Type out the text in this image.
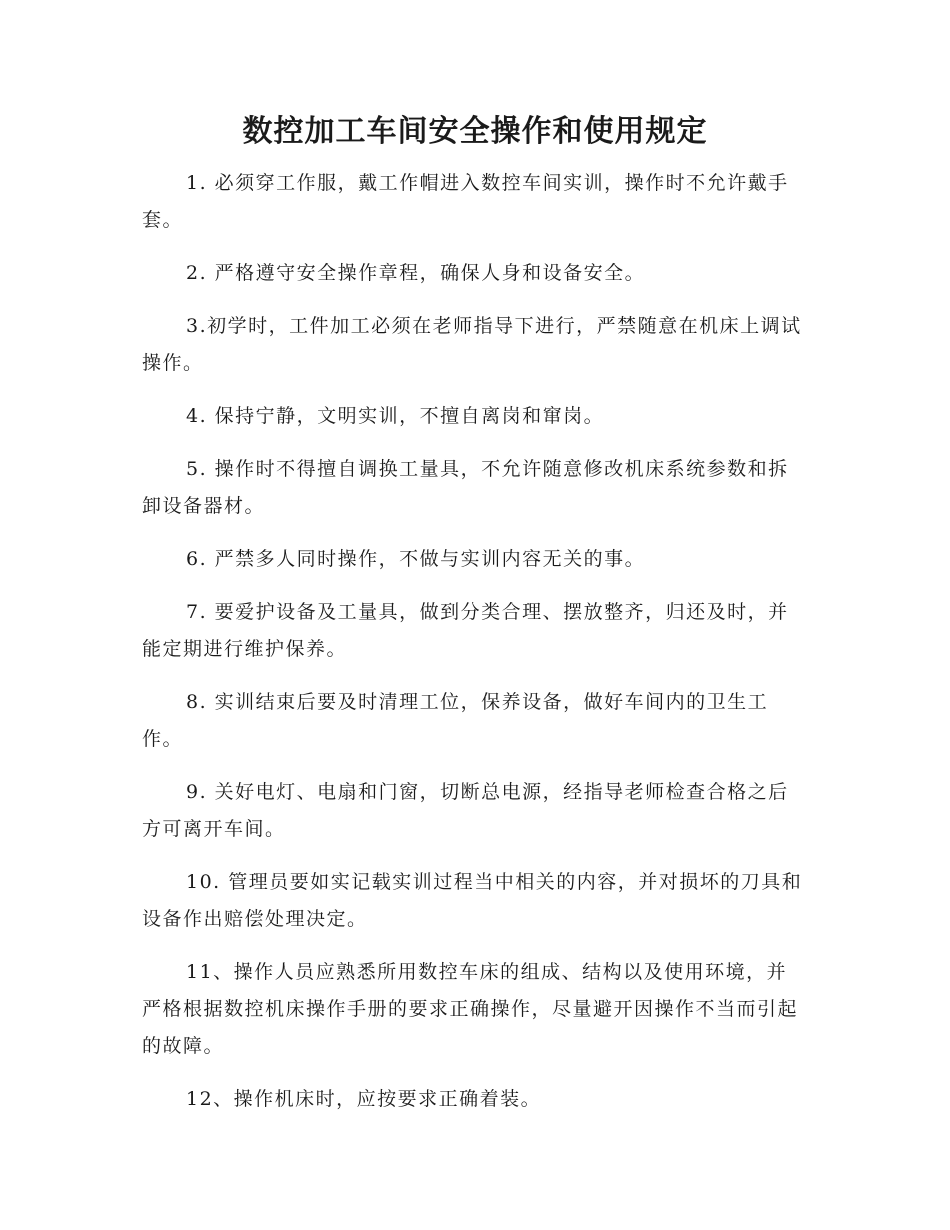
数控加工车间安全操作和使用规定

1. 必须穿工作服，戴工作帽进入数控车间实训，操作时不允许戴手套。

2. 严格遵守安全操作章程，确保人身和设备安全。

3.初学时，工件加工必须在老师指导下进行，严禁随意在机床上调试操作。

4. 保持宁静，文明实训，不擅自离岗和窜岗。

5. 操作时不得擅自调换工量具，不允许随意修改机床系统参数和拆卸设备器材。

6. 严禁多人同时操作，不做与实训内容无关的事。

7. 要爱护设备及工量具，做到分类合理、摆放整齐，归还及时，并能定期进行维护保养。

8. 实训结束后要及时清理工位，保养设备，做好车间内的卫生工作。

9. 关好电灯、电扇和门窗，切断总电源，经指导老师检查合格之后方可离开车间。

10. 管理员要如实记载实训过程当中相关的内容，并对损坏的刀具和设备作出赔偿处理决定。

11、操作人员应熟悉所用数控车床的组成、结构以及使用环境，并严格根据数控机床操作手册的要求正确操作，尽量避开因操作不当而引起的故障。

12、操作机床时，应按要求正确着装。
